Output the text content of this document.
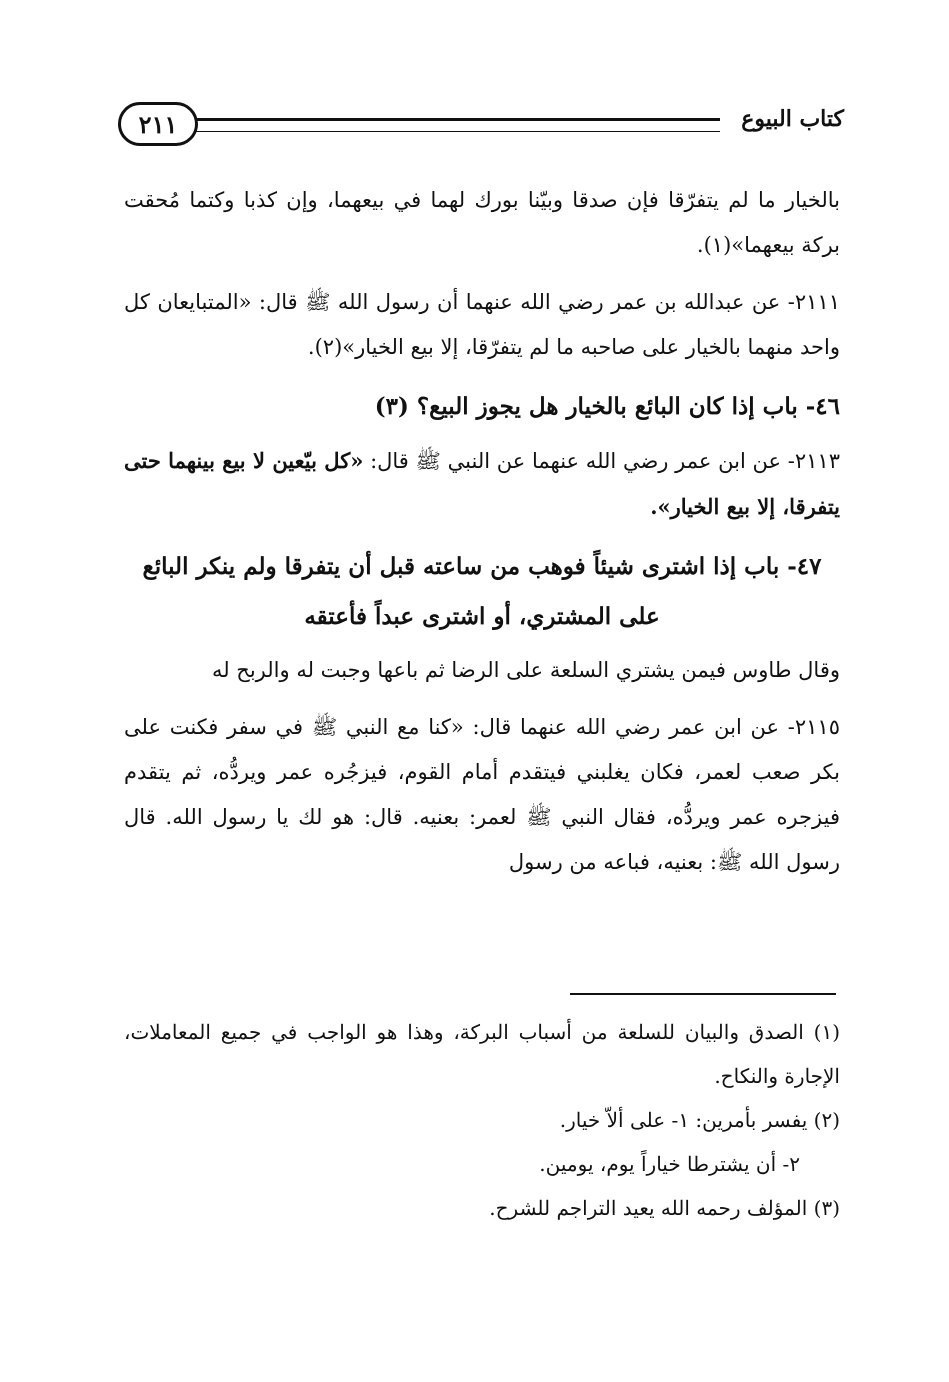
كتاب البيوع
٢١١

بالخيار ما لم يتفرّقا فإن صدقا وبيّنا بورك لهما في بيعهما، وإن كذبا وكتما مُحقت بركة بيعهما»(١).

٢١١١- عن عبدالله بن عمر رضي الله عنهما أن رسول الله ﷺ قال: «المتبايعان كل واحد منهما بالخيار على صاحبه ما لم يتفرّقا، إلا بيع الخيار»(٢).

٤٦- باب إذا كان البائع بالخيار هل يجوز البيع؟ (٣)

٢١١٣- عن ابن عمر رضي الله عنهما عن النبي ﷺ قال: «كل بيّعين لا بيع بينهما حتى يتفرقا، إلا بيع الخيار».

٤٧- باب إذا اشترى شيئاً فوهب من ساعته قبل أن يتفرقا ولم ينكر البائع على المشتري، أو اشترى عبداً فأعتقه

وقال طاوس فيمن يشتري السلعة على الرضا ثم باعها وجبت له والربح له

٢١١٥- عن ابن عمر رضي الله عنهما قال: «كنا مع النبي ﷺ في سفر فكنت على بكر صعب لعمر، فكان يغلبني فيتقدم أمام القوم، فيزجُره عمر ويردُّه، ثم يتقدم فيزجره عمر ويردُّه، فقال النبي ﷺ لعمر: بعنيه. قال: هو لك يا رسول الله. قال رسول الله ﷺ: بعنيه، فباعه من رسول

(١) الصدق والبيان للسلعة من أسباب البركة، وهذا هو الواجب في جميع المعاملات، الإجارة والنكاح.
(٢) يفسر بأمرين: ١- على ألاّ خيار.
٢- أن يشترطا خياراً يوم، يومين.
(٣) المؤلف رحمه الله يعيد التراجم للشرح.
